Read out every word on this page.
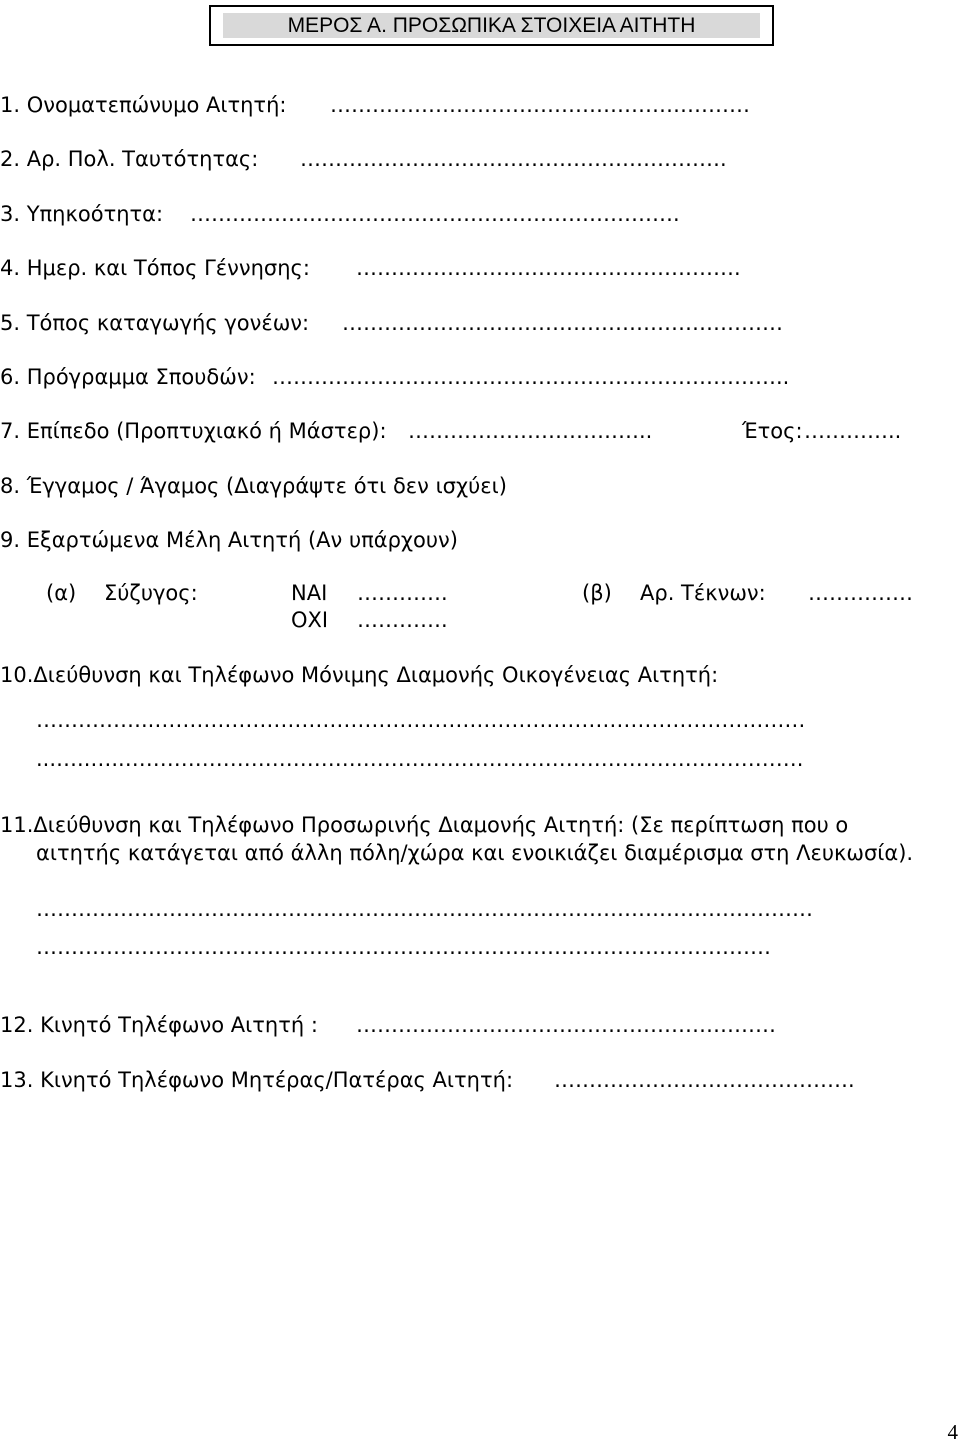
ΜΕΡΟΣ Α. ΠΡΟΣΩΠΙΚΑ ΣΤΟΙΧΕΙΑ ΑΙΤΗΤΗ
1. Ονοματεπώνυμο Αιτητή: ……………………………………………………
2. Αρ. Πολ. Ταυτότητας: …………………………………………………….
3. Υπηκοότητα: …………………………………………………………….
4. Ημερ. και Τόπος Γέννησης: ……………………………………………….
5. Τόπος καταγωγής γονέων: ………………………………………………………
6. Πρόγραμμα Σπουδών: ………………………………………………………………..
7. Επίπεδο (Προπτυχιακό ή Μάστερ): ……………………………..	Έτος: …………..
8. Έγγαμος / Άγαμος (Διαγράψτε ότι δεν ισχύει)
9. Εξαρτώμενα Μέλη Αιτητή (Αν υπάρχουν)
(α) Σύζυγος:	ΝΑΙ ………….
ΟΧΙ ………….
(β) Αρ. Τέκνων: ……………
10.Διεύθυνση και Τηλέφωνο Μόνιμης Διαμονής Οικογένειας Αιτητή:
……………..…………………………………………………………………………………
...…..…..…………………………………………………………………………………….
11.Διεύθυνση και Τηλέφωνο Προσωρινής Διαμονής Αιτητή: (Σε περίπτωση που ο
αιτητής κατάγεται από άλλη πόλη/χώρα και ενοικιάζει διαμέρισμα στη Λευκωσία).
…………………………………………………………………………………………………
……………………………………………………………………………………………
12. Κινητό Τηλέφωνο Αιτητή : ……………………………………………………
13. Κινητό Τηλέφωνο Μητέρας/Πατέρας Αιτητή: …………………………………….
4
